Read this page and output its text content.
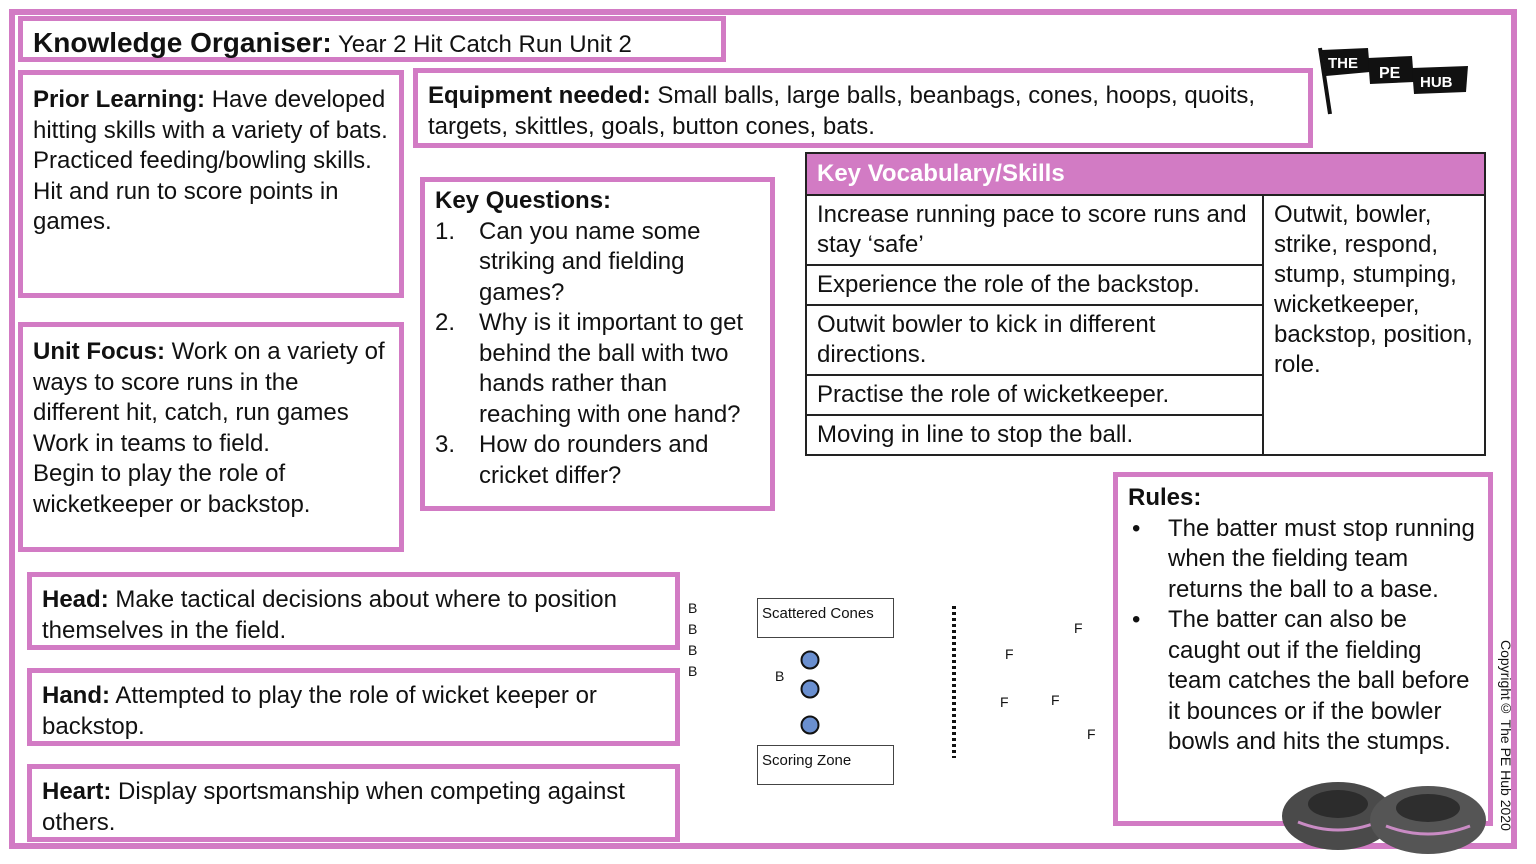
Knowledge Organiser: Year 2 Hit Catch Run Unit 2
Prior Learning: Have developed hitting skills with a variety of bats.
Practiced feeding/bowling skills.
Hit and run to score points in games.
Unit Focus: Work on a variety of ways to score runs in the different hit, catch, run games
Work in teams to field.
Begin to play the role of wicketkeeper or backstop.
Equipment needed: Small balls, large balls, beanbags, cones, hoops, quoits, targets, skittles, goals, button cones, bats.
Key Questions:
1. Can you name some striking and fielding games?
2. Why is it important to get behind the ball with two hands rather than reaching with one hand?
3. How do rounders and cricket differ?
Key Vocabulary/Skills
Increase running pace to score runs and stay ‘safe’	Outwit, bowler, strike, respond, stump, stumping, wicketkeeper, backstop, position, role.
Experience the role of the backstop.
Outwit bowler to kick in different directions.
Practise the role of wicketkeeper.
Moving in line to stop the ball.
THE
PE
HUB
Head: Make tactical decisions about where to position themselves in the field.
Hand: Attempted to play the role of wicket keeper or backstop.
Heart: Display sportsmanship when competing against others.
B
B
B
B
Scattered Cones
B
Scoring Zone
F
F
F	F
F
Rules:
•	The batter must stop running when the fielding team returns the ball to a base.
•	The batter can also be caught out if the fielding team catches the ball before it bounces or if the bowler bowls and hits the stumps.	Copyright© The PE Hub 2020
